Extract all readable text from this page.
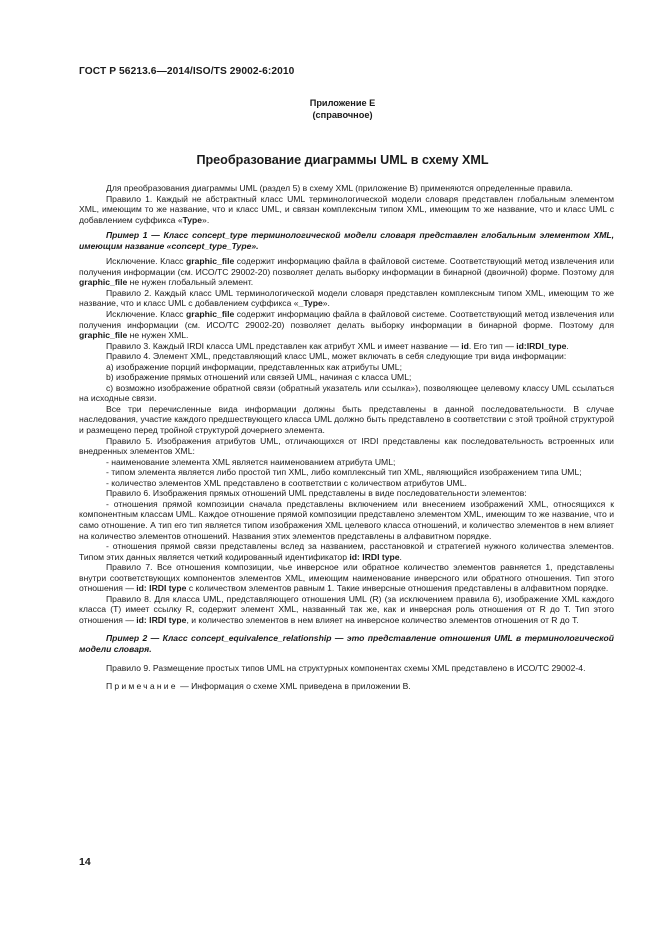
ГОСТ Р 56213.6—2014/ISO/TS 29002-6:2010
Приложение Е
(справочное)
Преобразование диаграммы UML в схему XML

Для преобразования диаграммы UML (раздел 5) в схему XML (приложение В) применяются определенные правила.

Правило 1. Каждый не абстрактный класс UML терминологической модели словаря представлен глобальным элементом XML, имеющим то же название, что и класс UML, и связан комплексным типом XML, имеющим то же название, что и класс UML с добавлением суффикса «Type».

Пример 1 — Класс concept_type терминологической модели словаря представлен глобальным элементом XML, имеющим название «concept_type_Type».

Исключение. Класс graphic_file содержит информацию файла в файловой системе. Соответствующий метод извлечения или получения информации (см. ИСО/ТС 29002-20) позволяет делать выборку информации в бинарной (двоичной) форме. Поэтому для graphic_file не нужен глобальный элемент.

Правило 2. Каждый класс UML терминологической модели словаря представлен комплексным типом XML, имеющим то же название, что и класс UML с добавлением суффикса «_Type».

Исключение. Класс graphic_file содержит информацию файла в файловой системе. Соответствующий метод извлечения или получения информации (см. ИСО/ТС 29002-20) позволяет делать выборку информации в бинарной форме. Поэтому для graphic_file не нужен XML.

Правило 3. Каждый IRDI класса UML представлен как атрибут XML и имеет название — id. Его тип — id:IRDI_type.

Правило 4. Элемент XML, представляющий класс UML, может включать в себя следующие три вида информации:

а) изображение порций информации, представленных как атрибуты UML;

b) изображение прямых отношений или связей UML, начиная с класса UML;

с) возможно изображение обратной связи (обратный указатель или ссылка»), позволяющее целевому классу UML ссылаться на исходные связи.

Все три перечисленные вида информации должны быть представлены в данной последовательности. В случае наследования, участие каждого предшествующего класса UML должно быть представлено в соответствии с этой тройной структурой и размещено перед тройной структурой дочернего элемента.

Правило 5. Изображения атрибутов UML, отличающихся от IRDI представлены как последовательность встроенных или внедренных элементов XML:

- наименование элемента XML является наименованием атрибута UML;

- типом элемента является либо простой тип XML, либо комплексный тип XML, являющийся изображением типа UML;

- количество элементов XML представлено в соответствии с количеством атрибутов UML.

Правило 6. Изображения прямых отношений UML представлены в виде последовательности элементов:

- отношения прямой композиции сначала представлены включением или внесением изображений XML, относящихся к компонентным классам UML. Каждое отношение прямой композиции представлено элементом XML, имеющим то же название, что и само отношение. А тип его тип является типом изображения XML целевого класса отношений, и количество элементов в нем влияет на количество элементов отношений. Названия этих элементов представлены в алфавитном порядке.

- отношения прямой связи представлены вслед за названием, расстановкой и стратегией нужного количества элементов. Типом этих данных является четкий кодированный идентификатор id: IRDI type.

Правило 7. Все отношения композиции, чье инверсное или обратное количество элементов равняется 1, представлены внутри соответствующих компонентов элементов XML, имеющим наименование инверсного или обратного отношения. Тип этого отношения — id: IRDI type с количеством элементов равным 1. Такие инверсные отношения представлены в алфавитном порядке.

Правило 8. Для класса UML, представляющего отношения UML (R) (за исключением правила 6), изображение XML каждого класса (Т) имеет ссылку R, содержит элемент XML, названный так же, как и инверсная роль отношения от R до Т. Тип этого отношения — id: IRDI type, и количество элементов в нем влияет на инверсное количество элементов отношения от R до Т.

Пример 2 — Класс concept_equivalence_relationship — это представление отношения UML в терминологической модели словаря.

Правило 9. Размещение простых типов UML на структурных компонентах схемы XML представлено в ИСО/ТС 29002-4.

Примечание — Информация о схеме XML приведена в приложении В.

14
